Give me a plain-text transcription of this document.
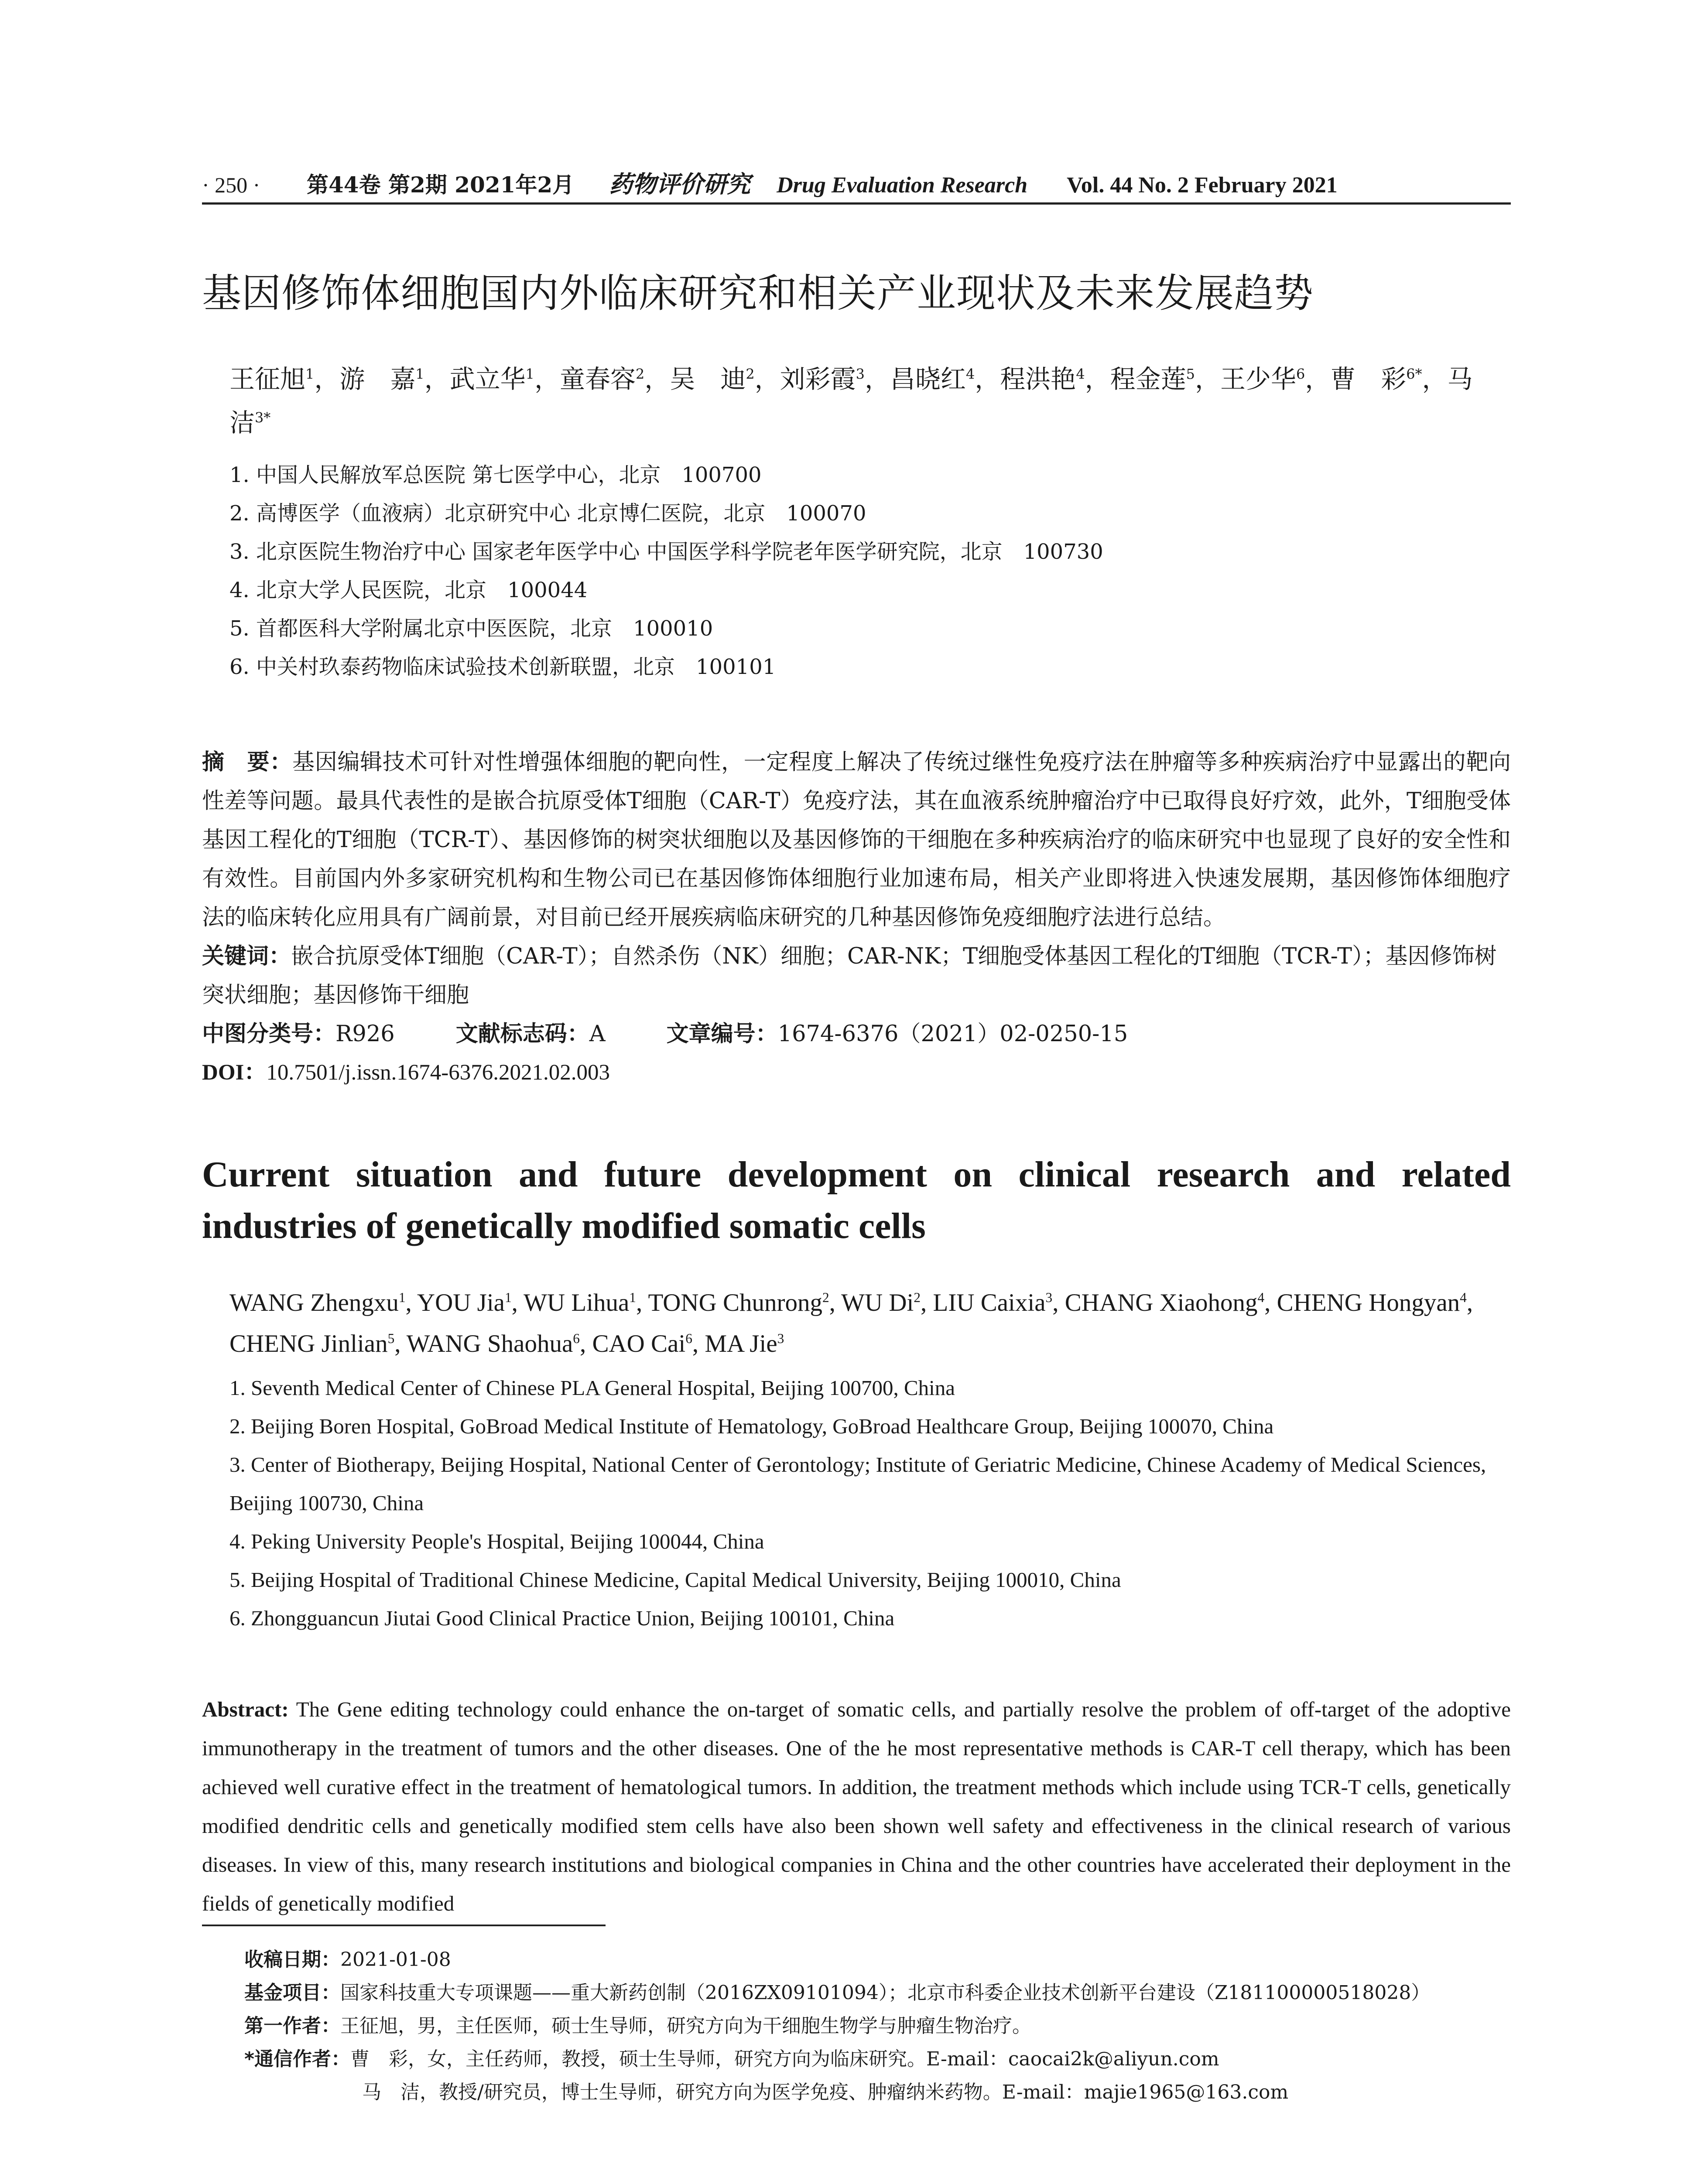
· 250 ·	第44卷 第2期 2021年2月 药物评价研究 Drug Evaluation Research Vol. 44 No. 2 February 2021
基因修饰体细胞国内外临床研究和相关产业现状及未来发展趋势
王征旭$^1$，游　嘉$^1$，武立华$^1$，童春容$^2$，吴　迪$^2$，刘彩霞$^3$，昌晓红$^4$，程洪艳$^4$，程金莲$^5$，王少华$^6$，曹　彩$^{6*}$，马　洁$^{3*}$
1. 中国人民解放军总医院 第七医学中心，北京　100700
2. 高博医学（血液病）北京研究中心 北京博仁医院，北京　100070
3. 北京医院生物治疗中心 国家老年医学中心 中国医学科学院老年医学研究院，北京　100730
4. 北京大学人民医院，北京　100044
5. 首都医科大学附属北京中医医院，北京　100010
6. 中关村玖泰药物临床试验技术创新联盟，北京　100101
摘　要：基因编辑技术可针对性增强体细胞的靶向性，一定程度上解决了传统过继性免疫疗法在肿瘤等多种疾病治疗中显露出的靶向性差等问题。最具代表性的是嵌合抗原受体T细胞（CAR-T）免疫疗法，其在血液系统肿瘤治疗中已取得良好疗效，此外，T细胞受体基因工程化的T细胞（TCR-T）、基因修饰的树突状细胞以及基因修饰的干细胞在多种疾病治疗的临床研究中也显现了良好的安全性和有效性。目前国内外多家研究机构和生物公司已在基因修饰体细胞行业加速布局，相关产业即将进入快速发展期，基因修饰体细胞疗法的临床转化应用具有广阔前景，对目前已经开展疾病临床研究的几种基因修饰免疫细胞疗法进行总结。
关键词：嵌合抗原受体T细胞（CAR-T）；自然杀伤（NK）细胞；CAR-NK；T细胞受体基因工程化的T细胞（TCR-T）；基因修饰树突状细胞；基因修饰干细胞
中图分类号：R926	文献标志码：A	文章编号：1674-6376（2021）02-0250-15
DOI： 10.7501/j.issn.1674-6376.2021.02.003
Current situation and future development on clinical research and related
industries of genetically modified somatic cells
WANG Zhengxu$^1$, YOU Jia$^1$, WU Lihua$^1$, TONG Chunrong$^2$, WU Di$^2$, LIU Caixia$^3$, CHANG Xiaohong$^4$, CHENG Hongyan$^4$, CHENG Jinlian$^5$, WANG Shaohua$^6$, CAO Cai$^6$, MA Jie$^3$
1. Seventh Medical Center of Chinese PLA General Hospital, Beijing 100700, China
2. Beijing Boren Hospital, GoBroad Medical Institute of Hematology, GoBroad Healthcare Group, Beijing 100070, China
3. Center of Biotherapy, Beijing Hospital, National Center of Gerontology; Institute of Geriatric Medicine, Chinese Academy of Medical Sciences, Beijing 100730, China
4. Peking University People's Hospital, Beijing 100044, China
5. Beijing Hospital of Traditional Chinese Medicine, Capital Medical University, Beijing 100010, China
6. Zhongguancun Jiutai Good Clinical Practice Union, Beijing 100101, China
Abstract: The Gene editing technology could enhance the on-target of somatic cells, and partially resolve the problem of off-target of the adoptive immunotherapy in the treatment of tumors and the other diseases. One of the he most representative methods is CAR-T cell therapy, which has been achieved well curative effect in the treatment of hematological tumors. In addition, the treatment methods which include using TCR-T cells, genetically modified dendritic cells and genetically modified stem cells have also been shown well safety and effectiveness in the clinical research of various diseases. In view of this, many research institutions and biological companies in China and the other countries have accelerated their deployment in the fields of genetically modified
收稿日期：2021-01-08
基金项目：国家科技重大专项课题——重大新药创制（2016ZX09101094）；北京市科委企业技术创新平台建设（Z181100000518028）
第一作者：王征旭，男，主任医师，硕士生导师，研究方向为干细胞生物学与肿瘤生物治疗。
*通信作者：曹　彩，女，主任药师，教授，硕士生导师，研究方向为临床研究。E-mail：caocai2k@aliyun.com
马　洁，教授/研究员，博士生导师，研究方向为医学免疫、肿瘤纳米药物。E-mail：majie1965@163.com
